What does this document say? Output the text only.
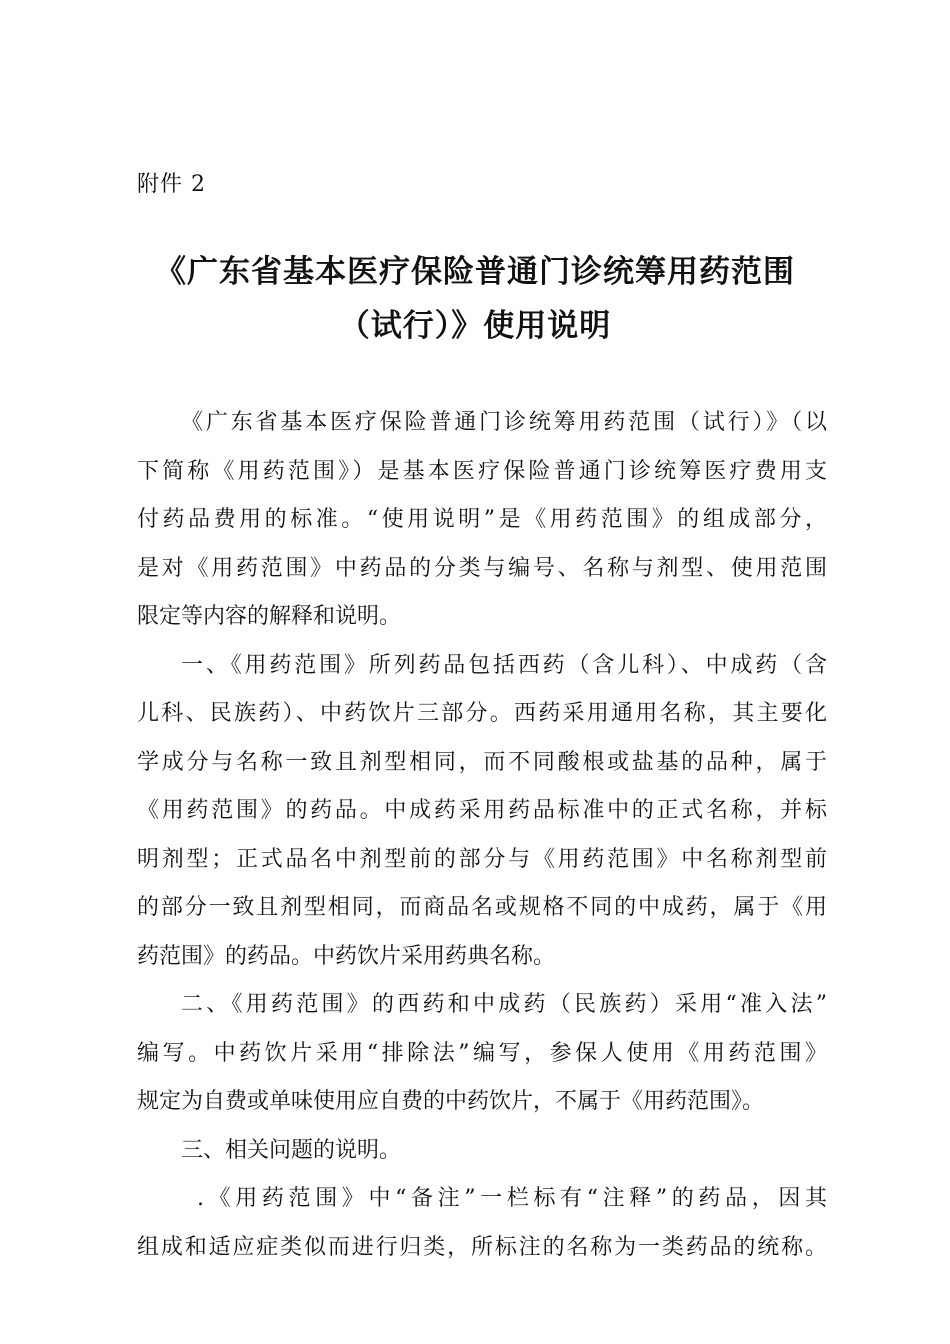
附件 2
《广东省基本医疗保险普通门诊统筹用药范围
（试行）》使用说明
《广东省基本医疗保险普通门诊统筹用药范围（试行）》（以
下简称《用药范围》）是基本医疗保险普通门诊统筹医疗费用支
付药品费用的标准。“使用说明”是《用药范围》的组成部分，
是对《用药范围》中药品的分类与编号、名称与剂型、使用范围
限定等内容的解释和说明。
一、《用药范围》所列药品包括西药（含儿科）、中成药（含
儿科、民族药）、中药饮片三部分。西药采用通用名称，其主要化
学成分与名称一致且剂型相同，而不同酸根或盐基的品种，属于
《用药范围》的药品。中成药采用药品标准中的正式名称，并标
明剂型；正式品名中剂型前的部分与《用药范围》中名称剂型前
的部分一致且剂型相同，而商品名或规格不同的中成药，属于《用
药范围》的药品。中药饮片采用药典名称。
二、《用药范围》的西药和中成药（民族药）采用“准入法”
编写。中药饮片采用“排除法”编写，参保人使用《用药范围》
规定为自费或单味使用应自费的中药饮片，不属于《用药范围》。
三、相关问题的说明。
.《用药范围》中“备注”一栏标有“注释”的药品，因其
组成和适应症类似而进行归类，所标注的名称为一类药品的统称。
